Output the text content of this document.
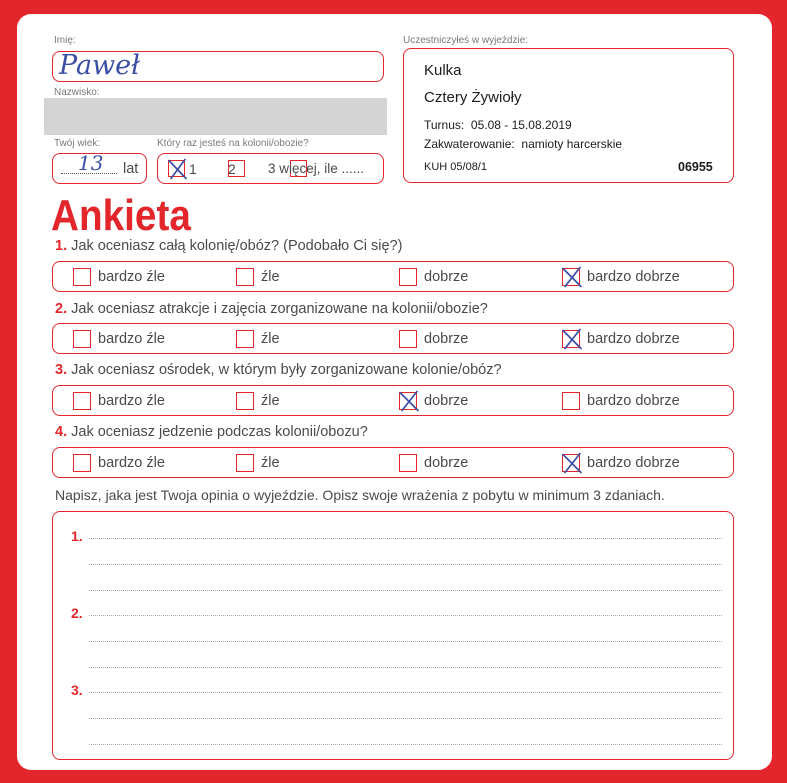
Imię:
Paweł
Nazwisko:
Twój wiek:
13 lat
Który raz jesteś na kolonii/obozie?

1
2 3 więcej, ile ......
Uczestniczyłeś w wyjeździe:
Kulka
Cztery Żywioły
Turnus: 05.08 - 15.08.2019
Zakwaterowanie: namioty harcerskie
KUH 05/08/1	06955
Ankieta
1. Jak oceniasz całą kolonię/obóz? (Podobało Ci się?)
bardzo źle	źle	dobrze	bardzo dobrze
2. Jak oceniasz atrakcje i zajęcia zorganizowane na kolonii/obozie?
bardzo źle	źle	dobrze	bardzo dobrze
3. Jak oceniasz ośrodek, w którym były zorganizowane kolonie/obóz?
bardzo źle	źle	dobrze	bardzo dobrze
4. Jak oceniasz jedzenie podczas kolonii/obozu?
bardzo źle	źle	dobrze	bardzo dobrze
Napisz, jaka jest Twoja opinia o wyjeździe. Opisz swoje wrażenia z pobytu w minimum 3 zdaniach.
1.
2.
3.
